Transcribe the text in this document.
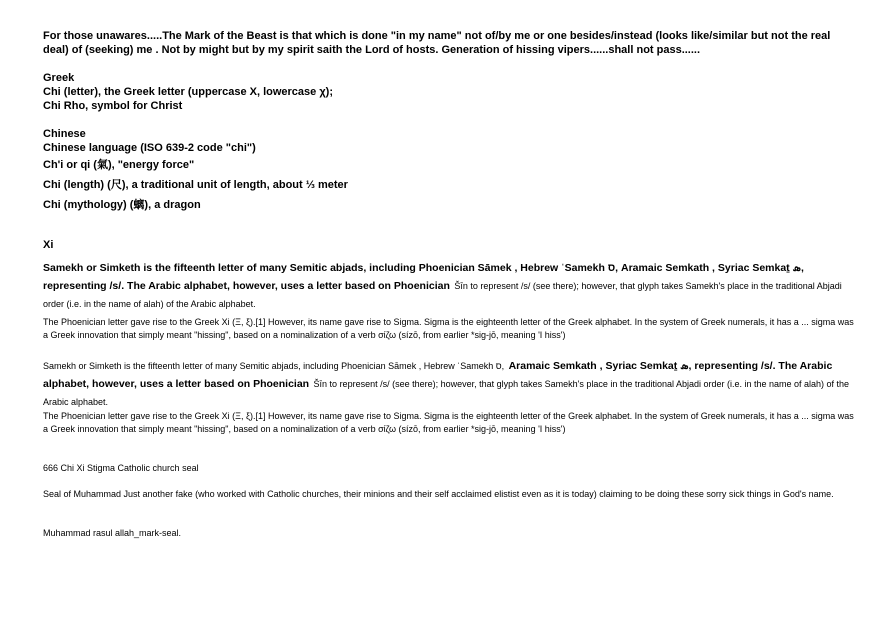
For those unawares.....The Mark of the Beast is that which is done "in my name" not of/by me or one besides/instead (looks like/similar but not the real deal) of (seeking) me . Not by might but by my spirit saith the Lord of hosts. Generation of hissing vipers......shall not pass......

Greek

Chi (letter), the Greek letter (uppercase Χ, lowercase χ);

Chi Rho, symbol for Christ

Chinese

Chinese language (ISO 639-2 code "chi")

Ch'i or qi (氣), "energy force"

Chi (length) (尺), a traditional unit of length, about ⅓ meter

Chi (mythology) (螭), a dragon

Xi

Samekh or Simketh is the fifteenth letter of many Semitic abjads, including Phoenician Sāmek , Hebrew ˈSamekh ס, Aramaic Semkath , Syriac Semkaṯ ܣ, representing /s/. The Arabic alphabet, however, uses a letter based on Phoenician Šīn to represent /s/ (see there); however, that glyph takes Samekh's place in the traditional Abjadi order (i.e. in the name of alah) of the Arabic alphabet.

The Phoenician letter gave rise to the Greek Xi (Ξ, ξ).[1] However, its name gave rise to Sigma. Sigma is the eighteenth letter of the Greek alphabet. In the system of Greek numerals, it has a ... sigma was a Greek innovation that simply meant "hissing", based on a nominalization of a verb σίζω (sízō, from earlier *sig-jō, meaning 'I hiss')

Samekh or Simketh is the fifteenth letter of many Semitic abjads, including Phoenician Sāmek , Hebrew ˈSamekh ס, Aramaic Semkath , Syriac Semkaṯ ܣ, representing /s/. The Arabic alphabet, however, uses a letter based on Phoenician Šīn to represent /s/ (see there); however, that glyph takes Samekh's place in the traditional Abjadi order (i.e. in the name of alah) of the Arabic alphabet.

The Phoenician letter gave rise to the Greek Xi (Ξ, ξ).[1] However, its name gave rise to Sigma. Sigma is the eighteenth letter of the Greek alphabet. In the system of Greek numerals, it has a ... sigma was a Greek innovation that simply meant "hissing", based on a nominalization of a verb σίζω (sízō, from earlier *sig-jō, meaning 'I hiss')

666 Chi Xi Stigma Catholic church seal

Seal of Muhammad Just another fake (who worked with Catholic churches, their minions and their self acclaimed elistist even as it is today) claiming to be doing these sorry sick things in God's name.

Muhammad rasul allah_mark-seal.
